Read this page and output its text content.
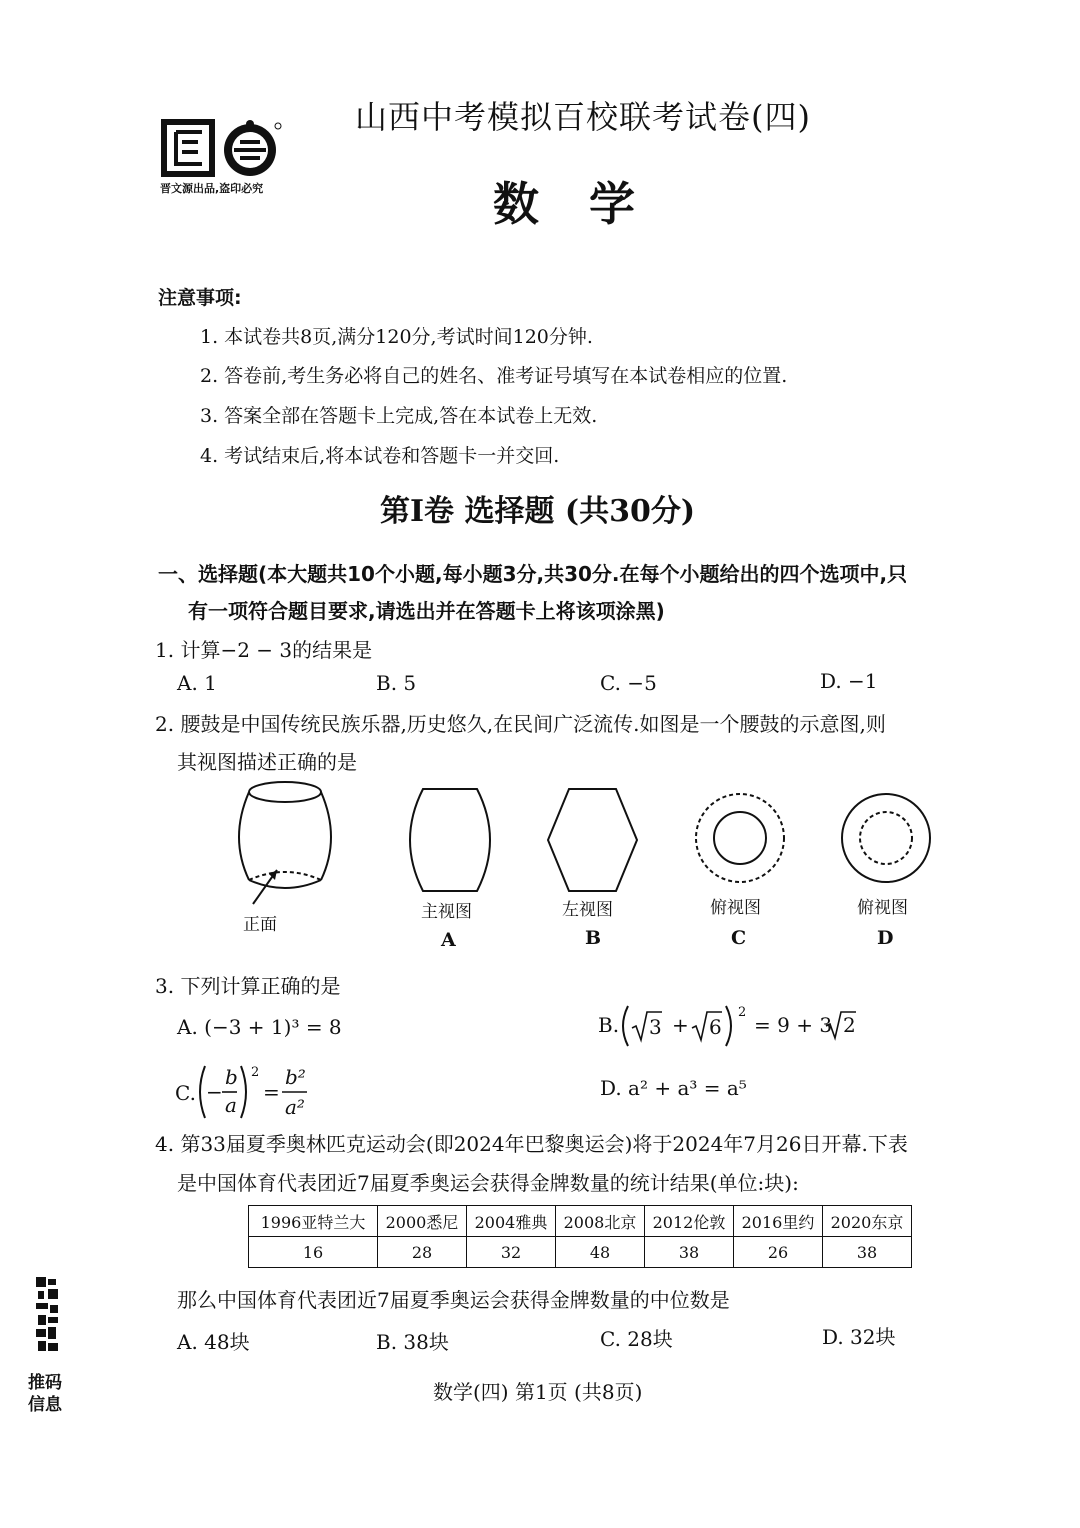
晋文源出品,盗印必究
山西中考模拟百校联考试卷(四)
数学
注意事项:
1. 本试卷共8页,满分120分,考试时间120分钟.
2. 答卷前,考生务必将自己的姓名、准考证号填写在本试卷相应的位置.
3. 答案全部在答题卡上完成,答在本试卷上无效.
4. 考试结束后,将本试卷和答题卡一并交回.
第Ⅰ卷 选择题 (共30分)
一、选择题(本大题共10个小题,每小题3分,共30分.在每个小题给出的四个选项中,只
有一项符合题目要求,请选出并在答题卡上将该项涂黑)
1. 计算−2 − 3的结果是
A. 1	B. 5	C. −5	D. −1
2. 腰鼓是中国传统民族乐器,历史悠久,在民间广泛流传.如图是一个腰鼓的示意图,则
其视图描述正确的是
正面
主视图	左视图	俯视图	俯视图
A	B	C	D
3. 下列计算正确的是
A. (−3 + 1)³ = 8	B. 3 + 6
2
= 9 + 3 2
C. −
b
a
2
=
b²
a²
D. a² + a³ = a⁵
4. 第33届夏季奥林匹克运动会(即2024年巴黎奥运会)将于2024年7月26日开幕.下表
是中国体育代表团近7届夏季奥运会获得金牌数量的统计结果(单位:块):
1996亚特兰大	2000悉尼	2004雅典	2008北京	2012伦敦	2016里约	2020东京
16	28	32	48	38	26	38
那么中国体育代表团近7届夏季奥运会获得金牌数量的中位数是
A. 48块	B. 38块	C. 28块	D. 32块
推码
信息
数学(四) 第1页 (共8页)
